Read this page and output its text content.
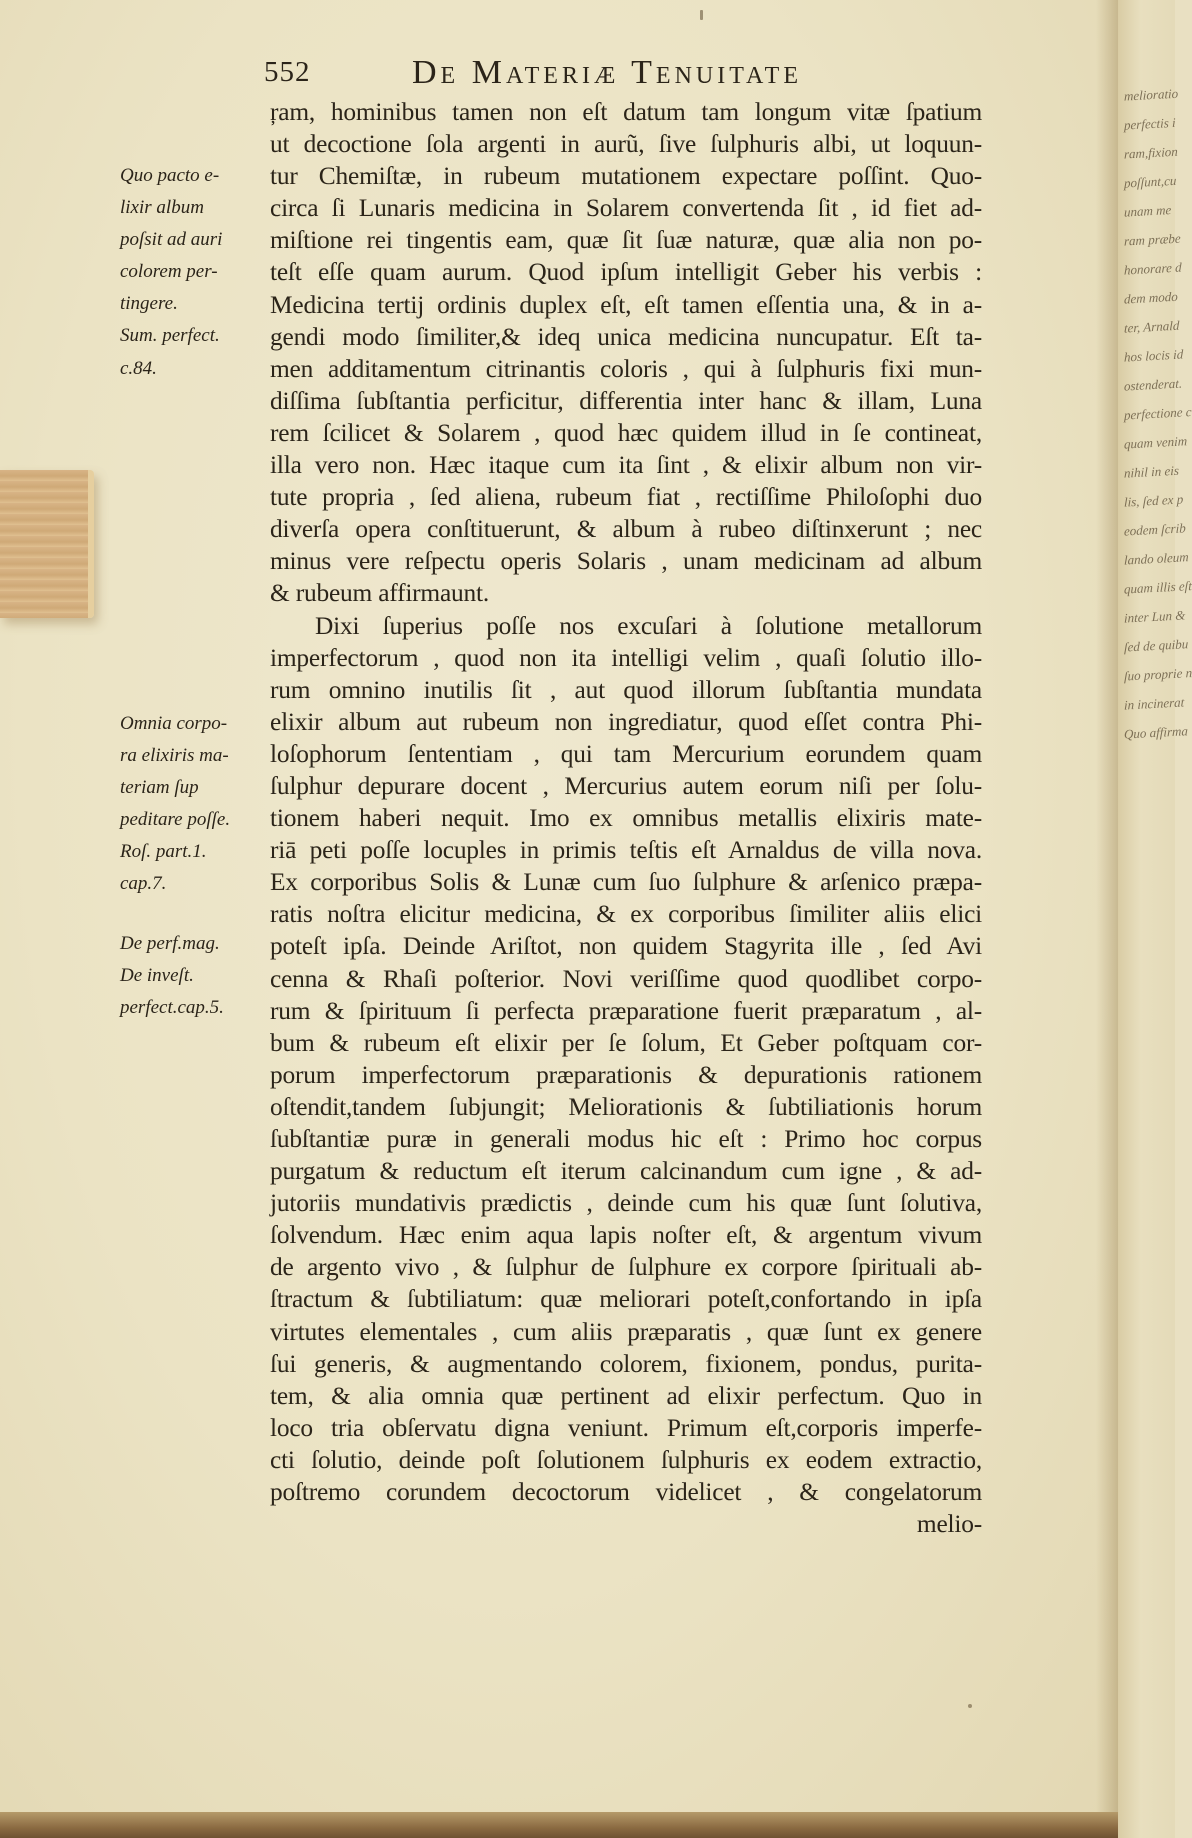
552	De Materiæ Tenuitate
Quo pacto e-
lixir album
poſsit ad auri
colorem per-
tingere.
Sum. perfect.
c.84.
Omnia corpo-
ra elixiris ma-
teriam ſup
peditare poſſe.
Roſ. part.1.
cap.7.
De perf.mag.
De inveſt.
perfect.cap.5.
ŗam, hominibus tamen non eſt datum tam longum vitæ ſpatium
ut decoctione ſola argenti in aurũ, ſive ſulphuris albi, ut loquun-
tur Chemiſtæ, in rubeum mutationem expectare poſſint. Quo-
circa ſi Lunaris medicina in Solarem convertenda ſit , id fiet ad-
miſtione rei tingentis eam, quæ ſit ſuæ naturæ, quæ alia non po-
teſt eſſe quam aurum. Quod ipſum intelligit Geber his verbis :
Medicina tertij ordinis duplex eſt, eſt tamen eſſentia una, & in a-
gendi modo ſimiliter,& ideq unica medicina nuncupatur. Eſt ta-
men additamentum citrinantis coloris , qui à ſulphuris fixi mun-
diſſima ſubſtantia perficitur, differentia inter hanc & illam, Luna
rem ſcilicet & Solarem , quod hæc quidem illud in ſe contineat,
illa vero non. Hæc itaque cum ita ſint , & elixir album non vir-
tute propria , ſed aliena, rubeum fiat , rectiſſime Philoſophi duo
diverſa opera conſtituerunt, & album à rubeo diſtinxerunt ; nec
minus vere reſpectu operis Solaris , unam medicinam ad album
& rubeum affirmaunt.
Dixi ſuperius poſſe nos excuſari à ſolutione metallorum
imperfectorum , quod non ita intelligi velim , quaſi ſolutio illo-
rum omnino inutilis ſit , aut quod illorum ſubſtantia mundata
elixir album aut rubeum non ingrediatur, quod eſſet contra Phi-
loſophorum ſententiam , qui tam Mercurium eorundem quam
ſulphur depurare docent , Mercurius autem eorum niſi per ſolu-
tionem haberi nequit. Imo ex omnibus metallis elixiris mate-
riā peti poſſe locuples in primis teſtis eſt Arnaldus de villa nova.
Ex corporibus Solis & Lunæ cum ſuo ſulphure & arſenico præpa-
ratis noſtra elicitur medicina, & ex corporibus ſimiliter aliis elici
poteſt ipſa. Deinde Ariſtot, non quidem Stagyrita ille , ſed Avi
cenna & Rhaſi poſterior. Novi veriſſime quod quodlibet corpo-
rum & ſpirituum ſi perfecta præparatione fuerit præparatum , al-
bum & rubeum eſt elixir per ſe ſolum, Et Geber poſtquam cor-
porum imperfectorum præparationis & depurationis rationem
oſtendit,tandem ſubjungit; Meliorationis & ſubtiliationis horum
ſubſtantiæ puræ in generali modus hic eſt : Primo hoc corpus
purgatum & reductum eſt iterum calcinandum cum igne , & ad-
jutoriis mundativis prædictis , deinde cum his quæ ſunt ſolutiva,
ſolvendum. Hæc enim aqua lapis noſter eſt, & argentum vivum
de argento vivo , & ſulphur de ſulphure ex corpore ſpirituali ab-
ſtractum & ſubtiliatum: quæ meliorari poteſt,confortando in ipſa
virtutes elementales , cum aliis præparatis , quæ ſunt ex genere
ſui generis, & augmentando colorem, fixionem, pondus, purita-
tem, & alia omnia quæ pertinent ad elixir perfectum. Quo in
loco tria obſervatu digna veniunt. Primum eſt,corporis imperfe-
cti ſolutio, deinde poſt ſolutionem ſulphuris ex eodem extractio,
poſtremo corundem decoctorum videlicet , & congelatorum
melio-
melioratio
perfectis i
ram,fixion
poſſunt,cu
unam me
ram præbe
honorare d
dem modo
ter, Arnald
hos locis id
ostenderat.
perfectione c
quam venim
nihil in eis
lis, ſed ex p
eodem ſcrib
lando oleum
quam illis eſt
inter Lun &
ſed de quibu
ſuo proprie n
in incinerat
Quo affirma
